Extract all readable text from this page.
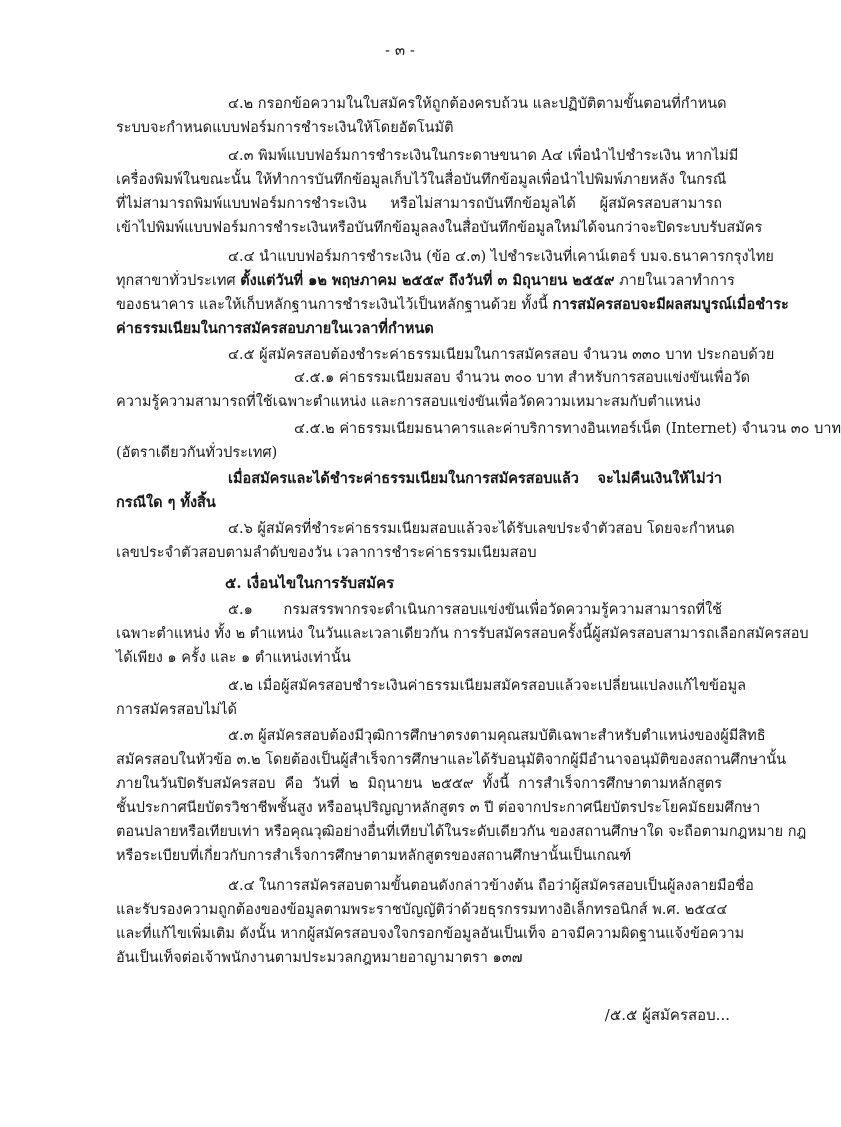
- ๓ -
๔.๒ กรอกข้อความในใบสมัครให้ถูกต้องครบถ้วน และปฏิบัติตามขั้นตอนที่กำหนด
ระบบจะกำหนดแบบฟอร์มการชำระเงินให้โดยอัตโนมัติ
๔.๓ พิมพ์แบบฟอร์มการชำระเงินในกระดาษขนาด A๔ เพื่อนำไปชำระเงิน หากไม่มี
เครื่องพิมพ์ในขณะนั้น ให้ทำการบันทึกข้อมูลเก็บไว้ในสื่อบันทึกข้อมูลเพื่อนำไปพิมพ์ภายหลัง ในกรณี
ที่ไม่สามารถพิมพ์แบบฟอร์มการชำระเงิน หรือไม่สามารถบันทึกข้อมูลได้ ผู้สมัครสอบสามารถ
เข้าไปพิมพ์แบบฟอร์มการชำระเงินหรือบันทึกข้อมูลลงในสื่อบันทึกข้อมูลใหม่ได้จนกว่าจะปิดระบบรับสมัคร
๔.๔ นำแบบฟอร์มการชำระเงิน (ข้อ ๔.๓) ไปชำระเงินที่เคาน์เตอร์ บมจ.ธนาคารกรุงไทย
ทุกสาขาทั่วประเทศ ตั้งแต่วันที่ ๑๒ พฤษภาคม ๒๕๕๙ ถึงวันที่ ๓ มิถุนายน ๒๕๕๙ ภายในเวลาทำการ
ของธนาคาร และให้เก็บหลักฐานการชำระเงินไว้เป็นหลักฐานด้วย ทั้งนี้ การสมัครสอบจะมีผลสมบูรณ์เมื่อชำระ
ค่าธรรมเนียมในการสมัครสอบภายในเวลาที่กำหนด
๔.๕ ผู้สมัครสอบต้องชำระค่าธรรมเนียมในการสมัครสอบ จำนวน ๓๓๐ บาท ประกอบด้วย
๔.๕.๑ ค่าธรรมเนียมสอบ จำนวน ๓๐๐ บาท สำหรับการสอบแข่งขันเพื่อวัด
ความรู้ความสามารถที่ใช้เฉพาะตำแหน่ง และการสอบแข่งขันเพื่อวัดความเหมาะสมกับตำแหน่ง
๔.๕.๒ ค่าธรรมเนียมธนาคารและค่าบริการทางอินเทอร์เน็ต (Internet) จำนวน ๓๐ บาท
(อัตราเดียวกันทั่วประเทศ)
เมื่อสมัครและได้ชำระค่าธรรมเนียมในการสมัครสอบแล้ว จะไม่คืนเงินให้ไม่ว่า
กรณีใด ๆ ทั้งสิ้น
๔.๖ ผู้สมัครที่ชำระค่าธรรมเนียมสอบแล้วจะได้รับเลขประจำตัวสอบ โดยจะกำหนด
เลขประจำตัวสอบตามลำดับของวัน เวลาการชำระค่าธรรมเนียมสอบ
๕. เงื่อนไขในการรับสมัคร
๕.๑ กรมสรรพากรจะดำเนินการสอบแข่งขันเพื่อวัดความรู้ความสามารถที่ใช้
เฉพาะตำแหน่ง ทั้ง ๒ ตำแหน่ง ในวันและเวลาเดียวกัน การรับสมัครสอบครั้งนี้ผู้สมัครสอบสามารถเลือกสมัครสอบ
ได้เพียง ๑ ครั้ง และ ๑ ตำแหน่งเท่านั้น
๕.๒ เมื่อผู้สมัครสอบชำระเงินค่าธรรมเนียมสมัครสอบแล้วจะเปลี่ยนแปลงแก้ไขข้อมูล
การสมัครสอบไม่ได้
๕.๓ ผู้สมัครสอบต้องมีวุฒิการศึกษาตรงตามคุณสมบัติเฉพาะสำหรับตำแหน่งของผู้มีสิทธิ
สมัครสอบในหัวข้อ ๓.๒ โดยต้องเป็นผู้สำเร็จการศึกษาและได้รับอนุมัติจากผู้มีอำนาจอนุมัติของสถานศึกษานั้น
ภายในวันปิดรับสมัครสอบ คือ วันที่ ๒ มิถุนายน ๒๕๕๙ ทั้งนี้ การสำเร็จการศึกษาตามหลักสูตร
ชั้นประกาศนียบัตรวิชาชีพชั้นสูง หรืออนุปริญญาหลักสูตร ๓ ปี ต่อจากประกาศนียบัตรประโยคมัธยมศึกษา
ตอนปลายหรือเทียบเท่า หรือคุณวุฒิอย่างอื่นที่เทียบได้ในระดับเดียวกัน ของสถานศึกษาใด จะถือตามกฎหมาย กฎ
หรือระเบียบที่เกี่ยวกับการสำเร็จการศึกษาตามหลักสูตรของสถานศึกษานั้นเป็นเกณฑ์
๕.๔ ในการสมัครสอบตามขั้นตอนดังกล่าวข้างต้น ถือว่าผู้สมัครสอบเป็นผู้ลงลายมือชื่อ
และรับรองความถูกต้องของข้อมูลตามพระราชบัญญัติว่าด้วยธุรกรรมทางอิเล็กทรอนิกส์ พ.ศ. ๒๕๔๔
และที่แก้ไขเพิ่มเติม ดังนั้น หากผู้สมัครสอบจงใจกรอกข้อมูลอันเป็นเท็จ อาจมีความผิดฐานแจ้งข้อความ
อันเป็นเท็จต่อเจ้าพนักงานตามประมวลกฎหมายอาญามาตรา ๑๓๗
/๕.๕ ผู้สมัครสอบ...
